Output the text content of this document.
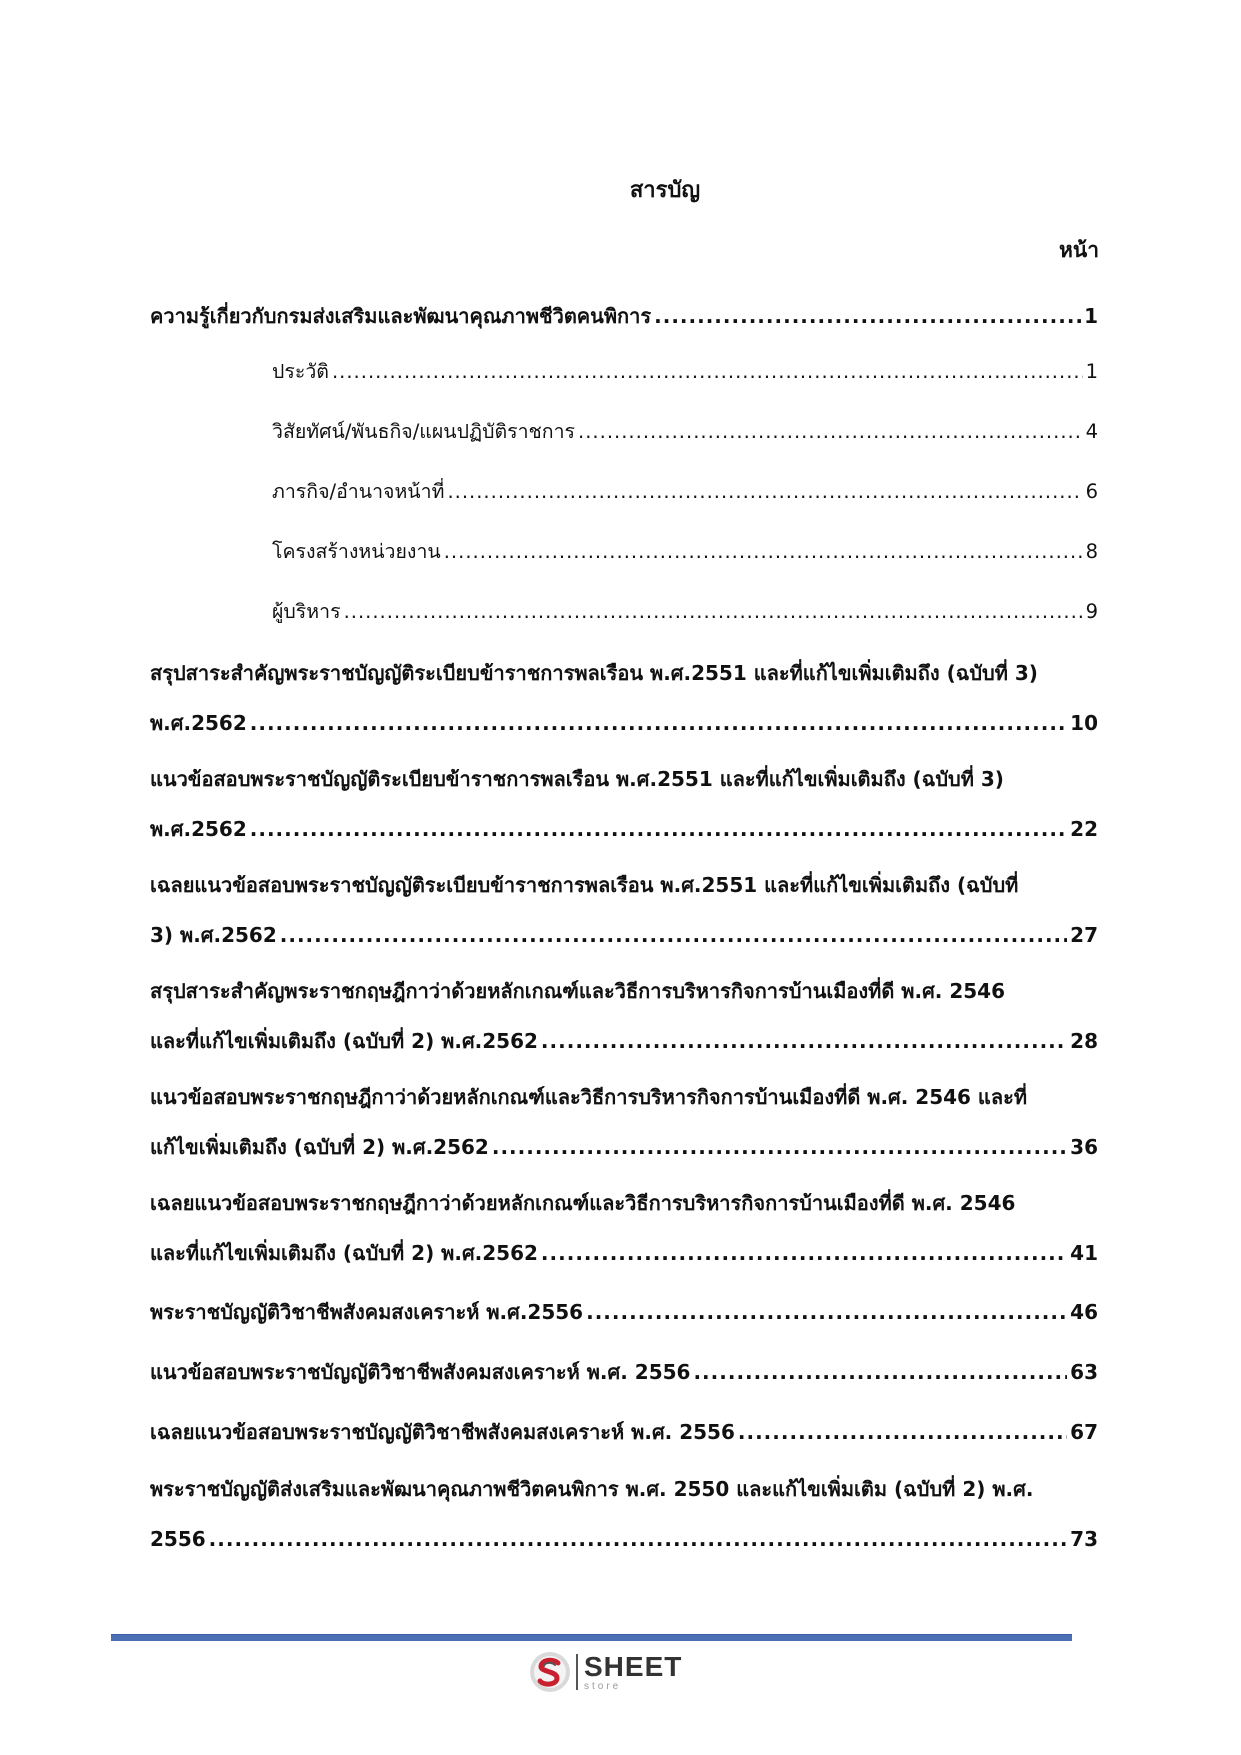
สารบัญ
หน้า
ความรู้เกี่ยวกับกรมส่งเสริมและพัฒนาคุณภาพชีวิตคนพิการ .....	1
ประวัติ .....	1
วิสัยทัศน์/พันธกิจ/แผนปฏิบัติราชการ .....	4
ภารกิจ/อำนาจหน้าที่ .....	6
โครงสร้างหน่วยงาน .....	8
ผู้บริหาร .....	9
สรุปสาระสำคัญพระราชบัญญัติระเบียบข้าราชการพลเรือน พ.ศ.2551 และที่แก้ไขเพิ่มเติมถึง (ฉบับที่ 3)
พ.ศ.2562 .....	10
แนวข้อสอบพระราชบัญญัติระเบียบข้าราชการพลเรือน พ.ศ.2551 และที่แก้ไขเพิ่มเติมถึง (ฉบับที่ 3)
พ.ศ.2562 .....	22
เฉลยแนวข้อสอบพระราชบัญญัติระเบียบข้าราชการพลเรือน พ.ศ.2551 และที่แก้ไขเพิ่มเติมถึง (ฉบับที่
3) พ.ศ.2562 .....	27
สรุปสาระสำคัญพระราชกฤษฎีกาว่าด้วยหลักเกณฑ์และวิธีการบริหารกิจการบ้านเมืองที่ดี พ.ศ. 2546
และที่แก้ไขเพิ่มเติมถึง (ฉบับที่ 2) พ.ศ.2562 .....	28
แนวข้อสอบพระราชกฤษฎีกาว่าด้วยหลักเกณฑ์และวิธีการบริหารกิจการบ้านเมืองที่ดี พ.ศ. 2546 และที่
แก้ไขเพิ่มเติมถึง (ฉบับที่ 2) พ.ศ.2562 .....	36
เฉลยแนวข้อสอบพระราชกฤษฎีกาว่าด้วยหลักเกณฑ์และวิธีการบริหารกิจการบ้านเมืองที่ดี พ.ศ. 2546
และที่แก้ไขเพิ่มเติมถึง (ฉบับที่ 2) พ.ศ.2562 .....	41
พระราชบัญญัติวิชาชีพสังคมสงเคราะห์ พ.ศ.2556 .....	46
แนวข้อสอบพระราชบัญญัติวิชาชีพสังคมสงเคราะห์ พ.ศ. 2556 .....	63
เฉลยแนวข้อสอบพระราชบัญญัติวิชาชีพสังคมสงเคราะห์ พ.ศ. 2556 .....	67
พระราชบัญญัติส่งเสริมและพัฒนาคุณภาพชีวิตคนพิการ พ.ศ. 2550 และแก้ไขเพิ่มเติม (ฉบับที่ 2) พ.ศ.
2556 .....	73
SHEET
store
